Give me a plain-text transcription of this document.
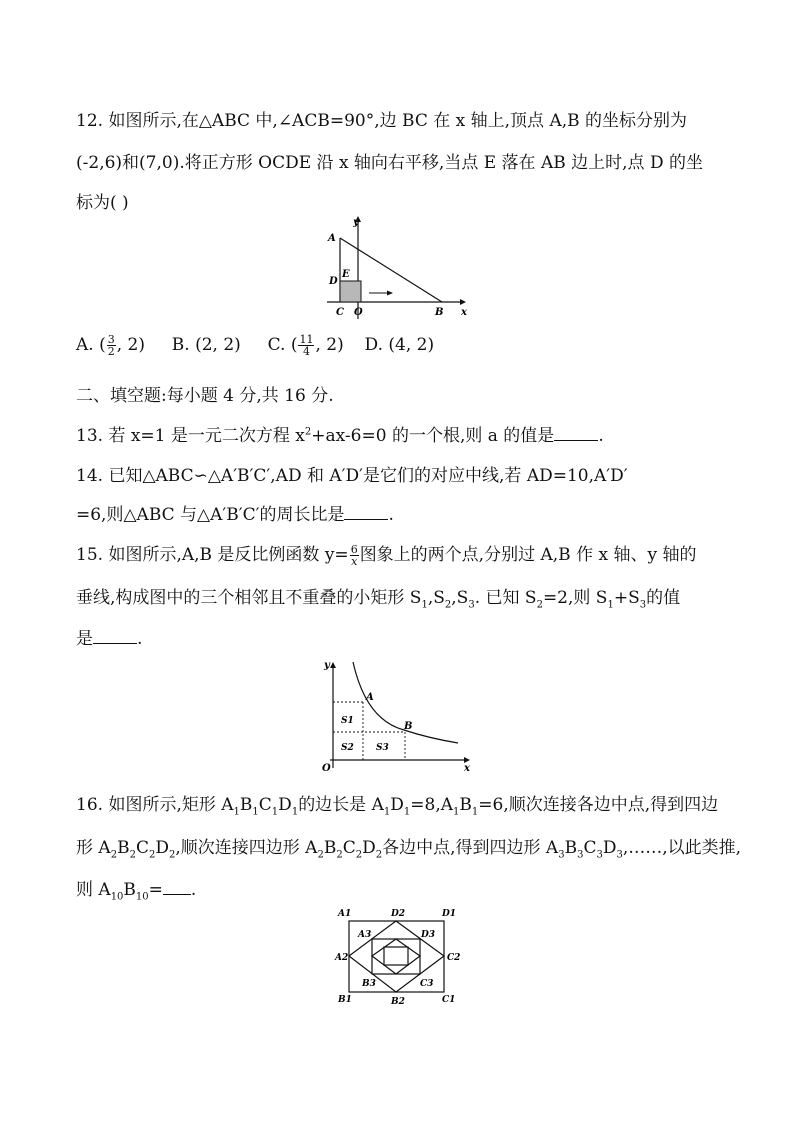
12. 如图所示,在△ABC 中,∠ACB=90°,边 BC 在 x 轴上,顶点 A,B 的坐标分别为
(-2,6)和(7,0).将正方形 OCDE 沿 x 轴向右平移,当点 E 落在 AB 边上时,点 D 的坐
标为( )
y
A
D
E
C O	B x
A. ( $\frac{3}{2}$ , 2) B. (2, 2) C. ( $\frac{11}{4}$ , 2) D. (4, 2)
二、填空题:每小题 4 分,共 16 分.
13. 若 x=1 是一元二次方程 $x^2+ax-6=0$ 的一个根,则 a 的值是	.
14. 已知△ABC∽△A′B′C′,AD 和 A′D′是它们的对应中线,若 AD=10,A′D′
=6,则△ABC 与△A′B′C′的周长比是	.
15. 如图所示,A,B 是反比例函数 $y= \frac{6}{x}$ 图象上的两个点,分别过 A,B 作 x 轴、y 轴的
垂线,构成图中的三个相邻且不重叠的小矩形 $S_1,S_2,S_3$. 已知 $S_2=2$,则 $S_1+S_3$的值
是	.
y
A
S1	B
S2 S3
O	x
16. 如图所示,矩形 $A_1B_1C_1D_1$的边长是 $A_1D_1=8,A_1B_1=6$,顺次连接各边中点,得到四边
形 $A_2B_2C_2D_2$,顺次连接四边形 $A_2B_2C_2D_2$各边中点,得到四边形 $A_3B_3C_3D_3,\dots\dots$,以此类推,
则 $A_{10}B_{10}=$ .
A1	D2	D1
A3	D3
A2	C2
B3	C3
B1	B2	C1
